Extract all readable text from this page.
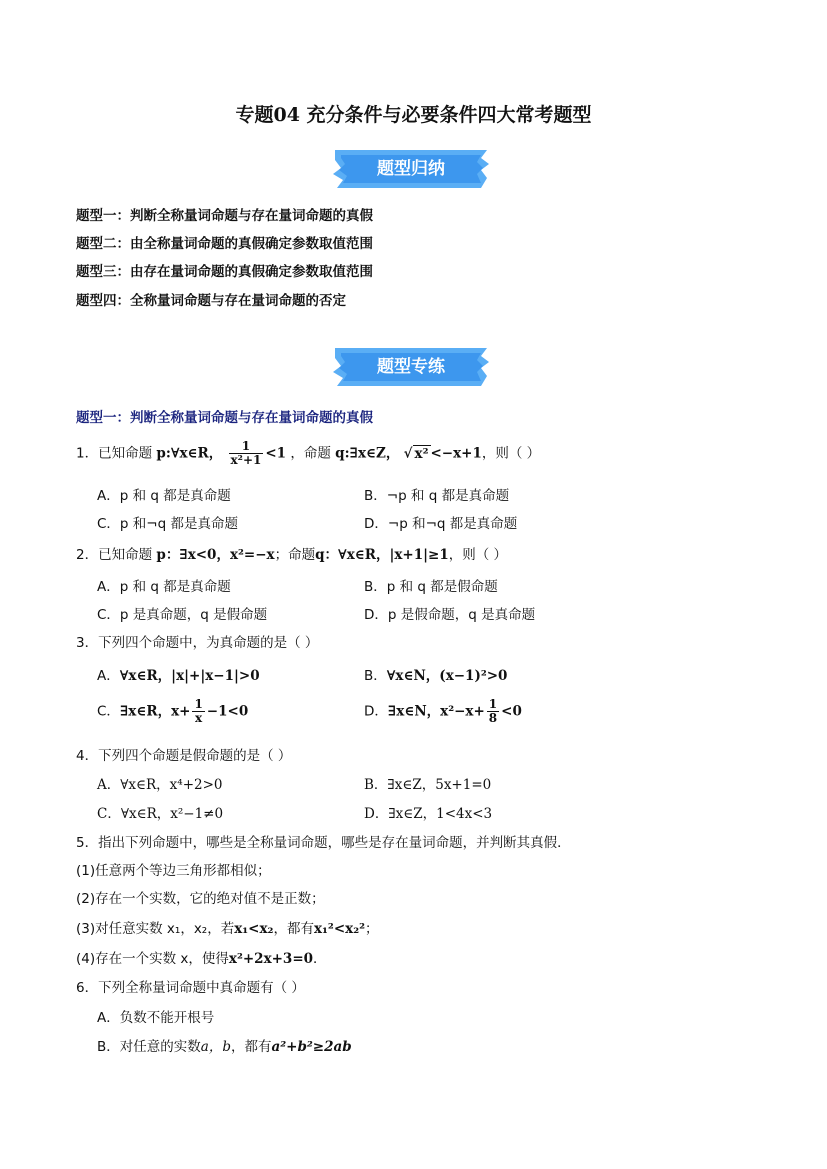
专题04 充分条件与必要条件四大常考题型
题型归纳
题型一：判断全称量词命题与存在量词命题的真假
题型二：由全称量词命题的真假确定参数取值范围
题型三：由存在量词命题的真假确定参数取值范围
题型四：全称量词命题与存在量词命题的否定
题型专练
题型一：判断全称量词命题与存在量词命题的真假
1．已知命题 p:∀x∈R， $\frac{1}{\text{x²+1}} <1$ ，命题 q:∃x∈Z， √ x² <−x+1，则（ ）
A．p 和 q 都是真命题	B．¬p 和 q 都是真命题
C．p 和¬q 都是真命题	D．¬p 和¬q 都是真命题
2．已知命题 p：∃x<0，x²=−x；命题q：∀x∈R，|x+1|≥1，则（ ）
A．p 和 q 都是真命题	B．p 和 q 都是假命题
C．p 是真命题，q 是假命题	D．p 是假命题，q 是真命题
3．下列四个命题中，为真命题的是（ ）
A．∀x∈R，|x|+|x−1|>0	B．∀x∈N，(x−1)²>0
C．∃x∈R，$x+ \frac{1}{x} -1<0$	D．∃x∈N，$x^2-x+ \frac{1}{8} <0$
4．下列四个命题是假命题的是（ ）
A．∀x∈R，x⁴+2>0	B．∃x∈Z，5x+1=0
C．∀x∈R，x²−1≠0	D．∃x∈Z，1<4x<3
5．指出下列命题中，哪些是全称量词命题，哪些是存在量词命题，并判断其真假．
(1)任意两个等边三角形都相似；
(2)存在一个实数，它的绝对值不是正数；
(3)对任意实数 x₁，x₂，若x₁<x₂，都有x₁²<x₂²；
(4)存在一个实数 x，使得x²+2x+3=0．
6．下列全称量词命题中真命题有（ ）
A．负数不能开根号
B．对任意的实数a，b，都有a²+b²≥2ab
